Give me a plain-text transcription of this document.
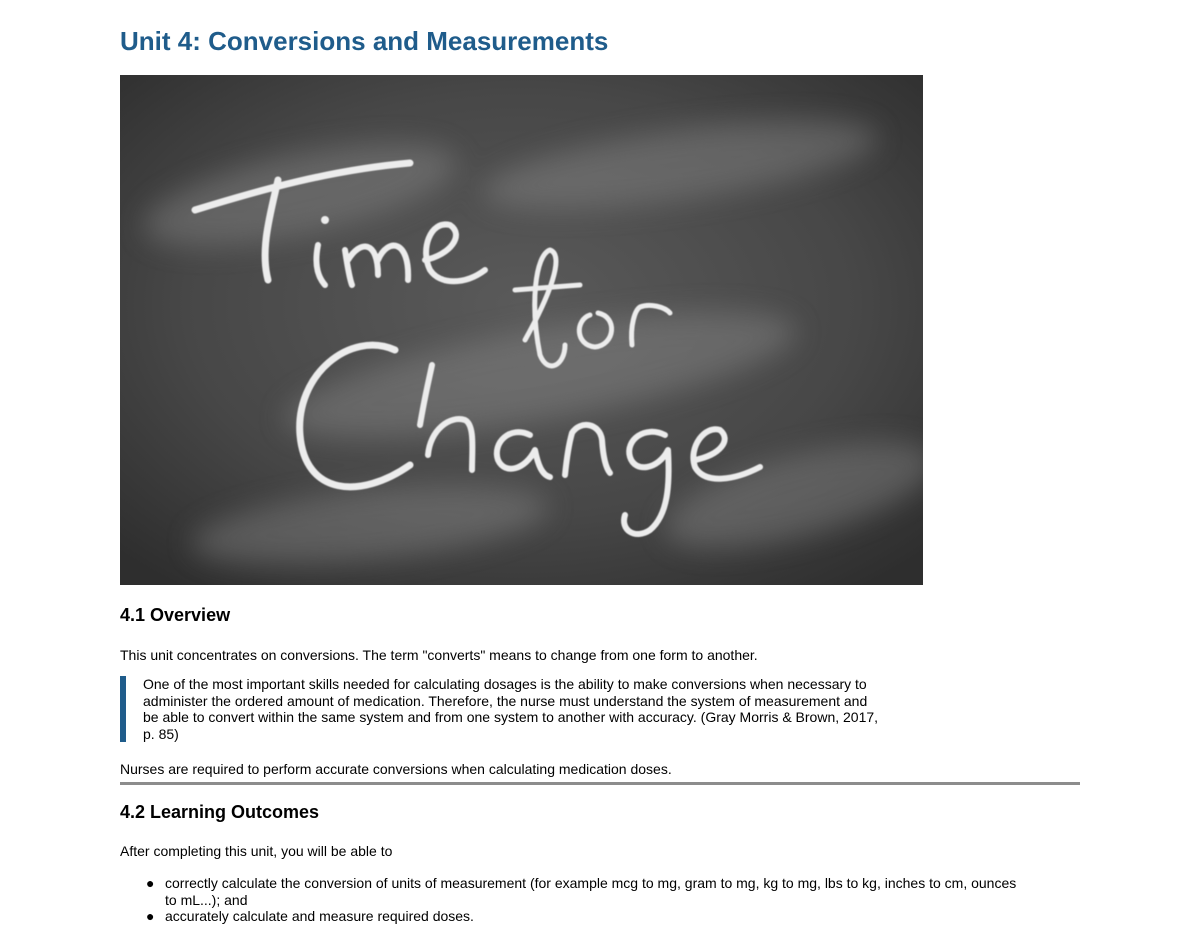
Unit 4: Conversions and Measurements
4.1 Overview

This unit concentrates on conversions. The term "converts" means to change from one form to another.

One of the most important skills needed for calculating dosages is the ability to make conversions when necessary to
administer the ordered amount of medication. Therefore, the nurse must understand the system of measurement and
be able to convert within the same system and from one system to another with accuracy. (Gray Morris & Brown, 2017,
p. 85)

Nurses are required to perform accurate conversions when calculating medication doses.

4.2 Learning Outcomes

After completing this unit, you will be able to

● correctly calculate the conversion of units of measurement (for example mcg to mg, gram to mg, kg to mg, lbs to kg, inches to cm, ounces
to mL...); and
● accurately calculate and measure required doses.
